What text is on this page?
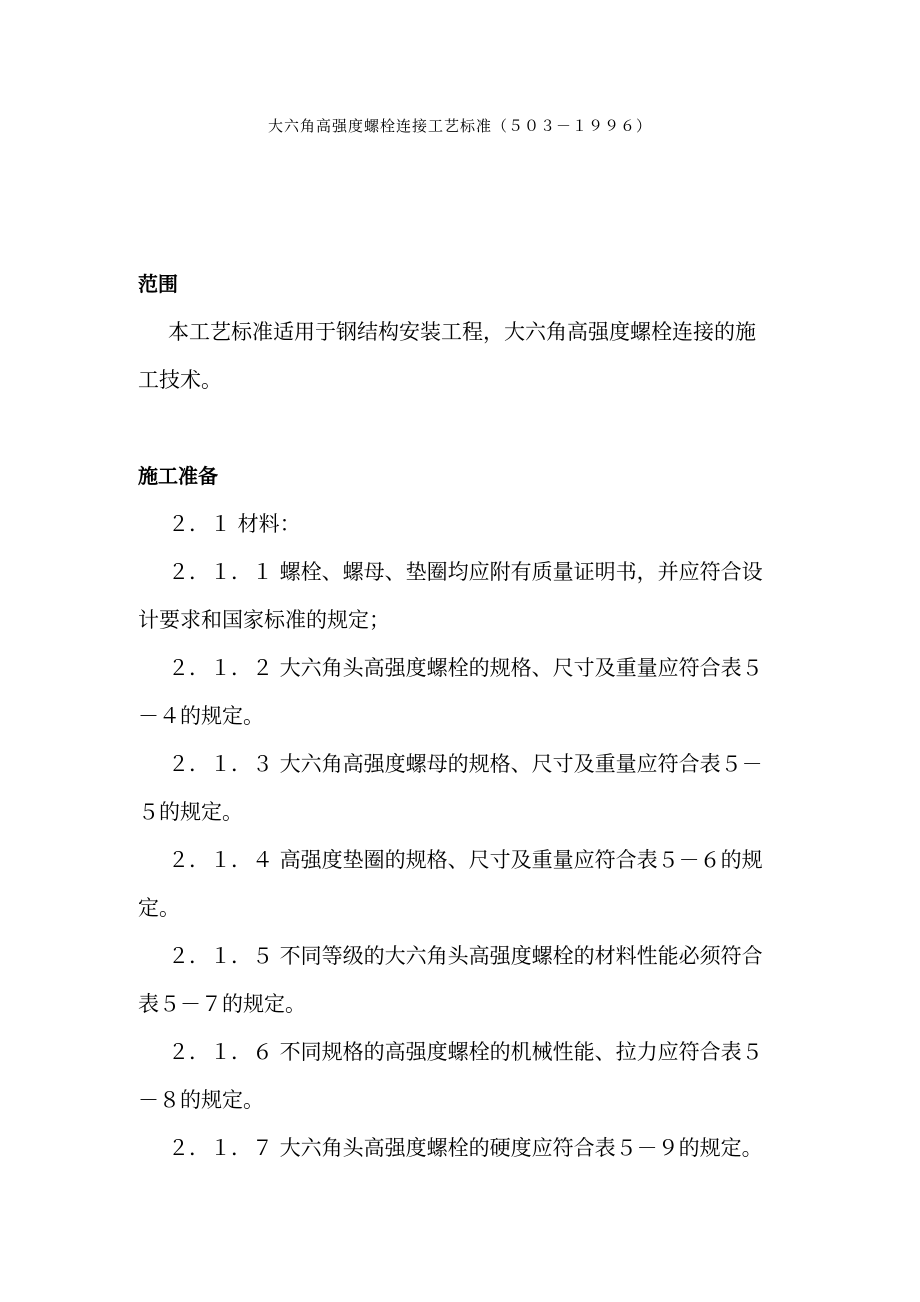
大六角高强度螺栓连接工艺标准（５０３－１９９６）
范围
本工艺标准适用于钢结构安装工程，大六角高强度螺栓连接的施
工技术。
施工准备
２．１ 材料：
２．１．１ 螺栓、螺母、垫圈均应附有质量证明书，并应符合设
计要求和国家标准的规定；
２．１．２ 大六角头高强度螺栓的规格、尺寸及重量应符合表５
－４的规定。
２．１．３ 大六角高强度螺母的规格、尺寸及重量应符合表５－
５的规定。
２．１．４ 高强度垫圈的规格、尺寸及重量应符合表５－６的规
定。
２．１．５ 不同等级的大六角头高强度螺栓的材料性能必须符合
表５－７的规定。
２．１．６ 不同规格的高强度螺栓的机械性能、拉力应符合表５
－８的规定。
２．１．７ 大六角头高强度螺栓的硬度应符合表５－９的规定。
